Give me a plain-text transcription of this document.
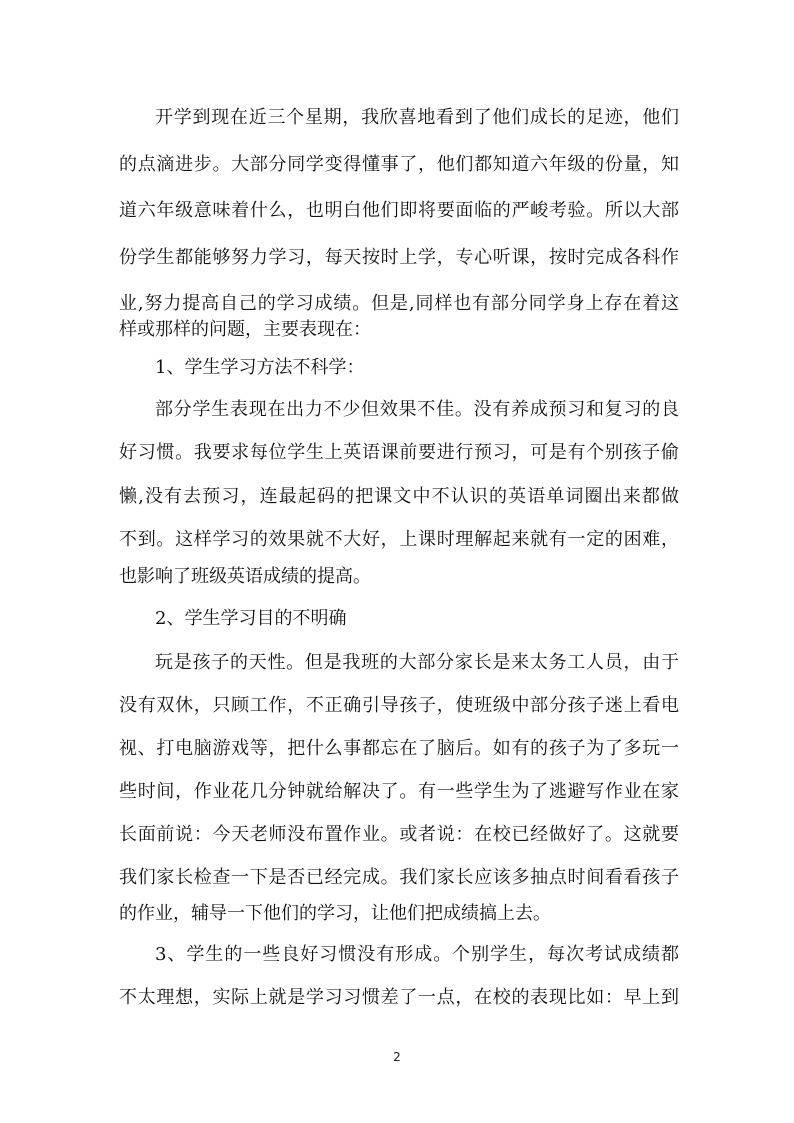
开学到现在近三个星期，我欣喜地看到了他们成长的足迹，他们
的点滴进步。大部分同学变得懂事了，他们都知道六年级的份量，知
道六年级意味着什么，也明白他们即将要面临的严峻考验。所以大部
份学生都能够努力学习，每天按时上学，专心听课，按时完成各科作
业,努力提高自己的学习成绩。但是,同样也有部分同学身上存在着这
样或那样的问题，主要表现在：
1、学生学习方法不科学：
部分学生表现在出力不少但效果不佳。没有养成预习和复习的良
好习惯。我要求每位学生上英语课前要进行预习，可是有个别孩子偷
懒,没有去预习，连最起码的把课文中不认识的英语单词圈出来都做
不到。这样学习的效果就不大好，上课时理解起来就有一定的困难，
也影响了班级英语成绩的提高。
2、学生学习目的不明确
玩是孩子的天性。但是我班的大部分家长是来太务工人员，由于
没有双休，只顾工作，不正确引导孩子，使班级中部分孩子迷上看电
视、打电脑游戏等，把什么事都忘在了脑后。如有的孩子为了多玩一
些时间，作业花几分钟就给解决了。有一些学生为了逃避写作业在家
长面前说：今天老师没布置作业。或者说：在校已经做好了。这就要
我们家长检查一下是否已经完成。我们家长应该多抽点时间看看孩子
的作业，辅导一下他们的学习，让他们把成绩搞上去。
3、学生的一些良好习惯没有形成。个别学生，每次考试成绩都
不太理想，实际上就是学习习惯差了一点，在校的表现比如：早上到
2
